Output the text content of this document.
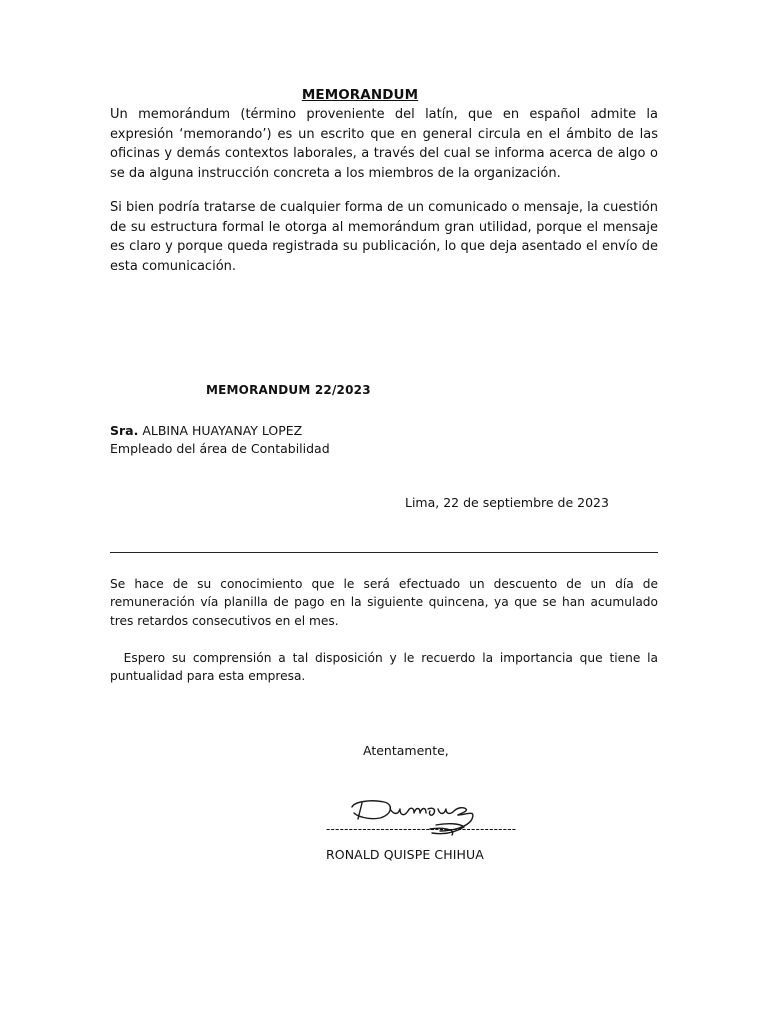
MEMORANDUM

Un memorándum (término proveniente del latín, que en español admite la expresión ‘memorando’) es un escrito que en general circula en el ámbito de las oficinas y demás contextos laborales, a través del cual se informa acerca de algo o se da alguna instrucción concreta a los miembros de la organización.

Si bien podría tratarse de cualquier forma de un comunicado o mensaje, la cuestión de su estructura formal le otorga al memorándum gran utilidad, porque el mensaje es claro y porque queda registrada su publicación, lo que deja asentado el envío de esta comunicación.

MEMORANDUM 22/2023
Sra. ALBINA HUAYANAY LOPEZ
Empleado del área de Contabilidad
Lima, 22 de septiembre de 2023

Se hace de su conocimiento que le será efectuado un descuento de un día de remuneración vía planilla de pago en la siguiente quincena, ya que se han acumulado tres retardos consecutivos en el mes.

Espero su comprensión a tal disposición y le recuerdo la importancia que tiene la puntualidad para esta empresa.

Atentamente,
------------------------------------------
RONALD QUISPE CHIHUA
